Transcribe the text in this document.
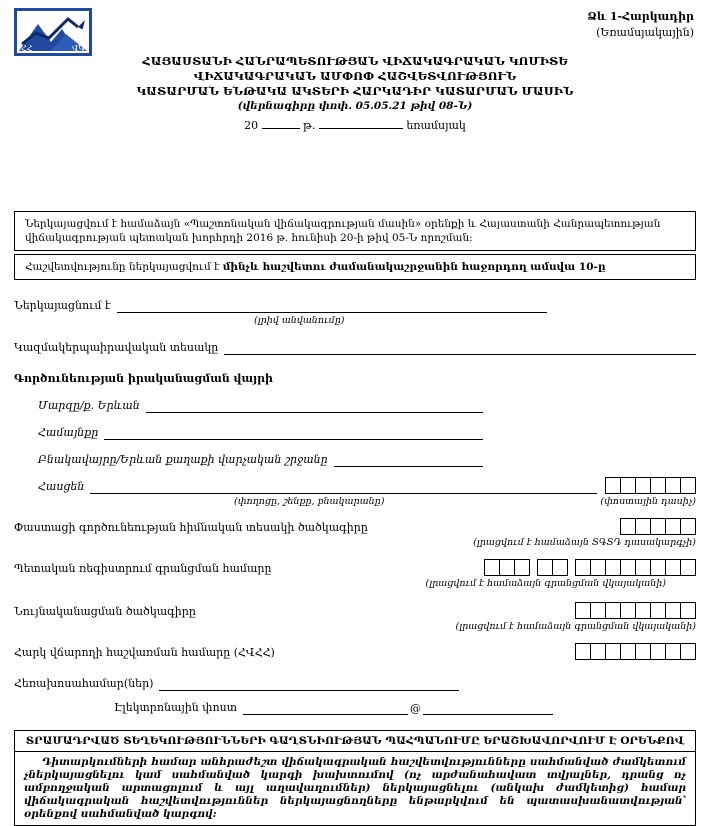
ՀՀ	ՎԿ
Ձև 1-Հարկադիր
(Եռամսյակային)
ՀԱՅԱՍՏԱՆԻ ՀԱՆՐԱՊԵՏՈՒԹՅԱՆ ՎԻՃԱԿԱԳՐԱԿԱՆ ԿՈՄԻՏԵ
ՎԻՃԱԿԱԳՐԱԿԱՆ ԱՄՓՈՓ ՀԱՇՎԵՏՎՈՒԹՅՈՒՆ
ԿԱՏԱՐՄԱՆ ԵՆԹԱԿԱ ԱԿՏԵՐԻ ՀԱՐԿԱԴԻՐ ԿԱՏԱՐՄԱՆ ՄԱՍԻՆ
(վերնագիրը փոփ. 05.05.21 թիվ 08-Ն)
20	թ.	եռամսյակ
Ներկայացվում է համաձայն «Պաշտոնական վիճակագրության մասին» օրենքի և Հայաստանի Հանրապետության վիճակագրության պետական խորհրդի 2016 թ. հունիսի 20-ի թիվ 05-Ն որոշման:
Հաշվետվությունը ներկայացվում է մինչև հաշվետու ժամանակաշրջանին հաջորդող ամսվա 10-ը
Ներկայացնում է
(լրիվ անվանումը)
Կազմակերպաիրավական տեսակը
Գործունեության իրականացման վայրի
Մարզը/ք. Երևան
Համայնքը
Բնակավայրը/Երևան քաղաքի վարչական շրջանը
Հասցեն
(փողոցը, շենքը, բնակարանը)	(փոստային դասիչ)
Փաստացի գործունեության հիմնական տեսակի ծածկագիրը
(լրացվում է համաձայն ՏԳՏԴ դասակարգչի)
Պետական ռեգիստրում գրանցման համարը
(լրացվում է համաձայն գրանցման վկայականի)
Նույնականացման ծածկագիրը
(լրացվում է համաձայն գրանցման վկայականի)
Հարկ վճարողի հաշվառման համարը (ՀՎՀՀ)
Հեռախոսահամար(ներ)
Էլեկտրոնային փոստ	@
ՏՐԱՄԱԴՐՎԱԾ ՏԵՂԵԿՈՒԹՅՈՒՆՆԵՐԻ ԳԱՂՏՆԻՈՒԹՅԱՆ ՊԱՀՊԱՆՈՒՄԸ ԵՐԱՇԽԱՎՈՐՎՈՒՄ Է ՕՐԵՆՔՈՎ
Դիտարկումների համար անհրաժեշտ վիճակագրական հաշվետվությունները սահմանված ժամկետում չներկայացնելու կամ սահմանված կարգի խախտումով (ոչ արժանահավատ տվյալներ, դրանց ոչ ամբողջական արտացոլում և այլ աղավաղումներ) ներկայացնելու (անկախ ժամկետից) համար վիճակագրական հաշվետվություններ ներկայացնողները ենթարկվում են պատասխանատվության՝ օրենքով սահմանված կարգով:
